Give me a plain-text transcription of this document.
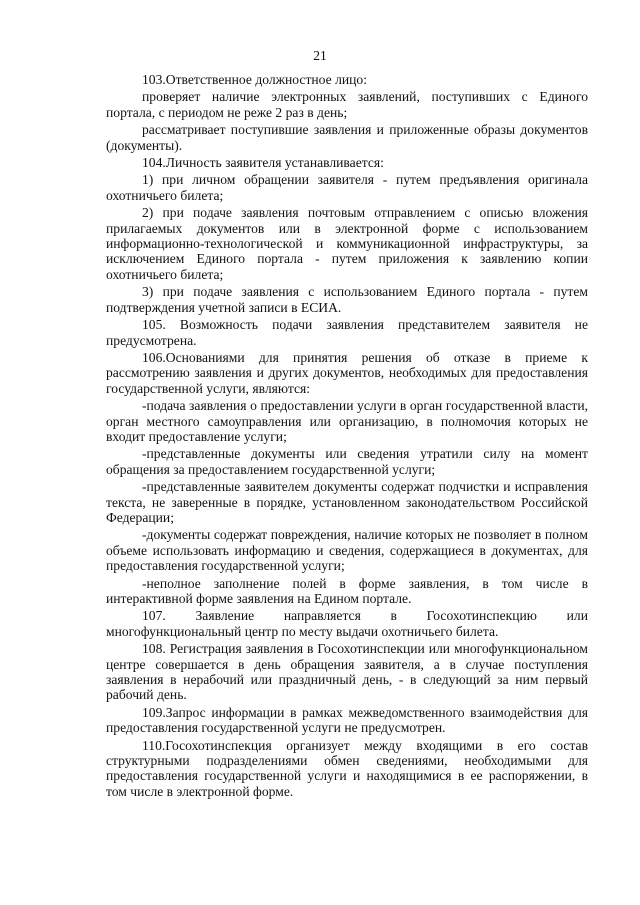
21

103.Ответственное должностное лицо:

проверяет наличие электронных заявлений, поступивших с Единого портала, с периодом не реже 2 раз в день;

рассматривает поступившие заявления и приложенные образы документов (документы).

104.Личность заявителя устанавливается:

1) при личном обращении заявителя - путем предъявления оригинала охотничьего билета;

2) при подаче заявления почтовым отправлением с описью вложения прилагаемых документов или в электронной форме с использованием информационно-технологической и коммуникационной инфраструктуры, за исключением Единого портала - путем приложения к заявлению копии охотничьего билета;

3) при подаче заявления с использованием Единого портала - путем подтверждения учетной записи в ЕСИА.

105. Возможность подачи заявления представителем заявителя не предусмотрена.

106.Основаниями для принятия решения об отказе в приеме к рассмотрению заявления и других документов, необходимых для предоставления государственной услуги, являются:

-подача заявления о предоставлении услуги в орган государственной власти, орган местного самоуправления или организацию, в полномочия которых не входит предоставление услуги;

-представленные документы или сведения утратили силу на момент обращения за предоставлением государственной услуги;

-представленные заявителем документы содержат подчистки и исправления текста, не заверенные в порядке, установленном законодательством Российской Федерации;

-документы содержат повреждения, наличие которых не позволяет в полном объеме использовать информацию и сведения, содержащиеся в документах, для предоставления государственной услуги;

-неполное заполнение полей в форме заявления, в том числе в интерактивной форме заявления на Едином портале.

107. Заявление направляется в Госохотинспекцию или многофункциональный центр по месту выдачи охотничьего билета.

108. Регистрация заявления в Госохотинспекции или многофункциональном центре совершается в день обращения заявителя, а в случае поступления заявления в нерабочий или праздничный день, - в следующий за ним первый рабочий день.

109.Запрос информации в рамках межведомственного взаимодействия для предоставления государственной услуги не предусмотрен.

110.Госохотинспекция организует между входящими в его состав структурными подразделениями обмен сведениями, необходимыми для предоставления государственной услуги и находящимися в ее распоряжении, в том числе в электронной форме.
